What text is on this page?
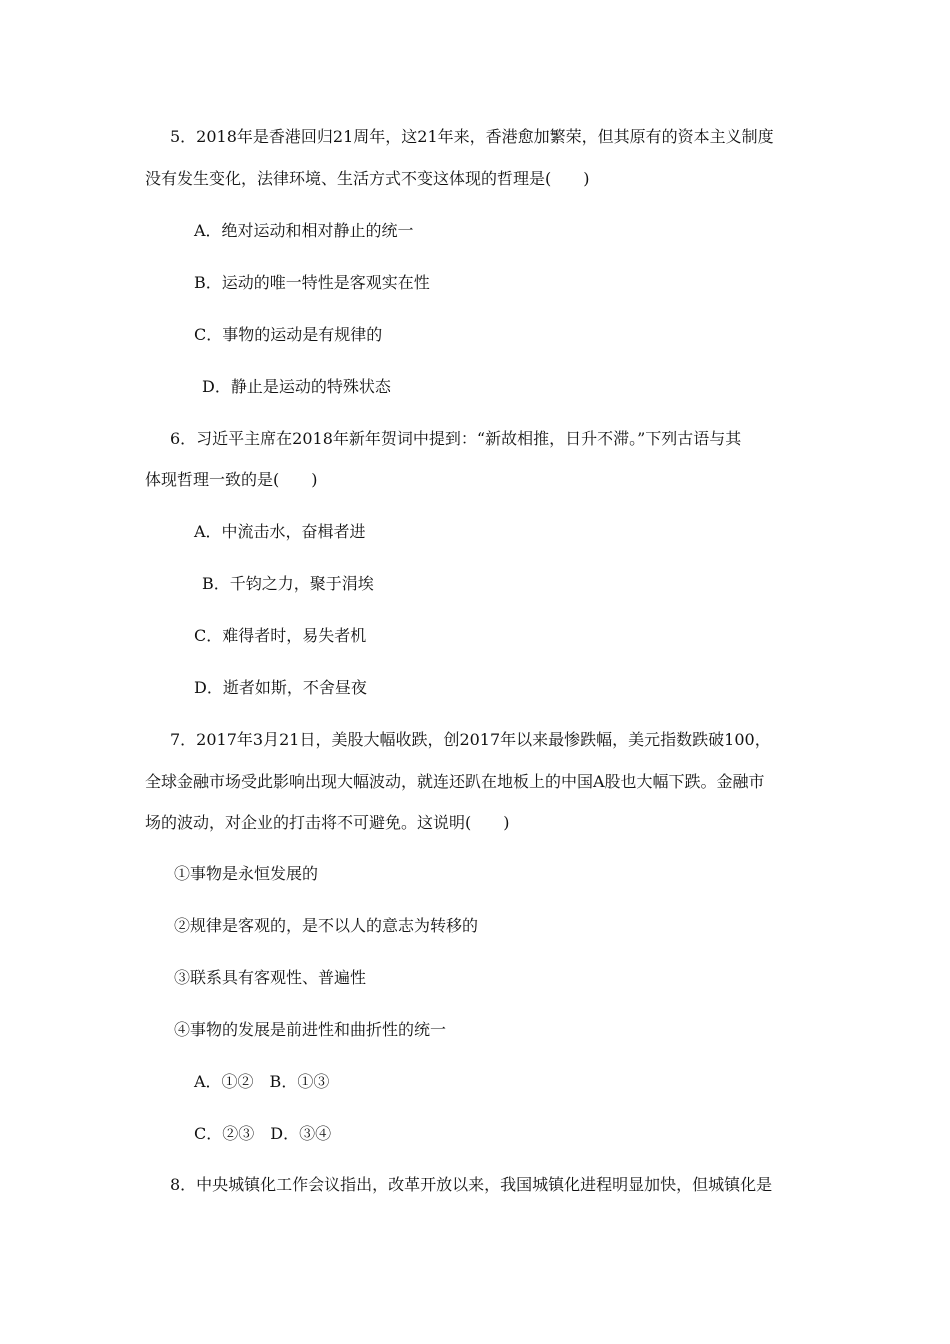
5．2018年是香港回归21周年，这21年来，香港愈加繁荣，但其原有的资本主义制度
没有发生变化，法律环境、生活方式不变这体现的哲理是(　　)
A．绝对运动和相对静止的统一
B．运动的唯一特性是客观实在性
C．事物的运动是有规律的
D．静止是运动的特殊状态
6．习近平主席在2018年新年贺词中提到：“新故相推，日升不滞。”下列古语与其
体现哲理一致的是(　　)
A．中流击水，奋楫者进
B．千钧之力，聚于涓埃
C．难得者时，易失者机
D．逝者如斯，不舍昼夜
7．2017年3月21日，美股大幅收跌，创2017年以来最惨跌幅，美元指数跌破100，
全球金融市场受此影响出现大幅波动，就连还趴在地板上的中国A股也大幅下跌。金融市
场的波动，对企业的打击将不可避免。这说明(　　)
①事物是永恒发展的
②规律是客观的，是不以人的意志为转移的
③联系具有客观性、普遍性
④事物的发展是前进性和曲折性的统一
A．①②　B．①③
C．②③　D．③④
8．中央城镇化工作会议指出，改革开放以来，我国城镇化进程明显加快，但城镇化是
